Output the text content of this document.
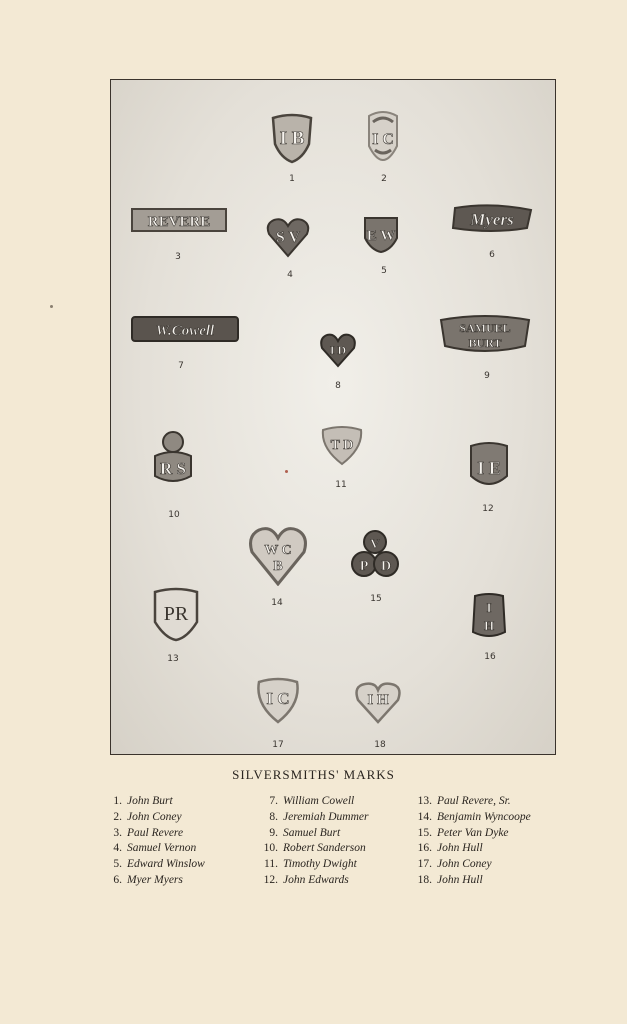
I B
1
I C
2
REVERE
3
S V
4
E W
5
Myers
6
W.Cowell
7
I D
8
SAMUEL
BURT
9
R S
10
T D
11
I E
12
PR
13
W C
B
14
V
P D
15
I
H
16
I C
17
I H
18
SILVERSMITHS' MARKS
1. John Burt
2. John Coney
3. Paul Revere
4. Samuel Vernon
5. Edward Winslow
6. Myer Myers
7. William Cowell
8. Jeremiah Dummer
9. Samuel Burt
10. Robert Sanderson
11. Timothy Dwight
12. John Edwards
13. Paul Revere, Sr.
14. Benjamin Wyncoope
15. Peter Van Dyke
16. John Hull
17. John Coney
18. John Hull
